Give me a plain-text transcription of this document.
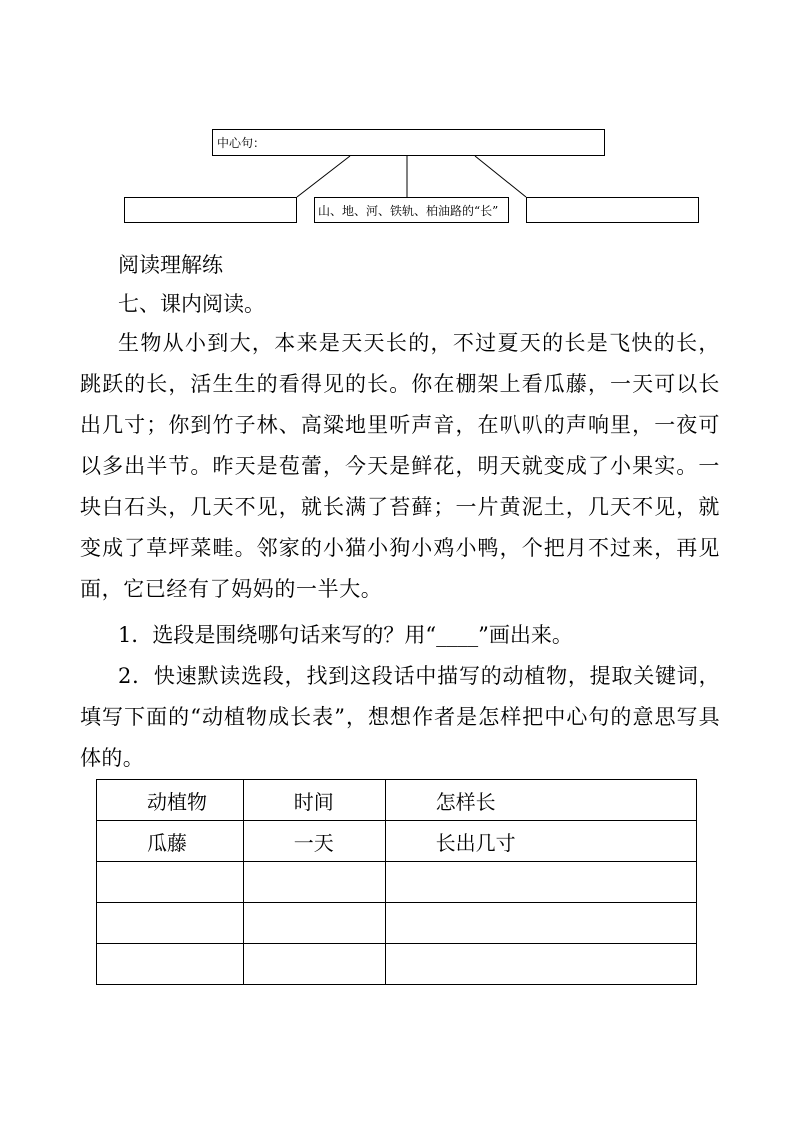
中心句：
山、地、河、铁轨、柏油路的“长”

阅读理解练

七、课内阅读。

生物从小到大，本来是天天长的，不过夏天的长是飞快的长，跳跃的长，活生生的看得见的长。你在棚架上看瓜藤，一天可以长出几寸；你到竹子林、高粱地里听声音，在叭叭的声响里，一夜可以多出半节。昨天是苞蕾，今天是鲜花，明天就变成了小果实。一块白石头，几天不见，就长满了苔藓；一片黄泥土，几天不见，就变成了草坪菜畦。邻家的小猫小狗小鸡小鸭，个把月不过来，再见面，它已经有了妈妈的一半大。

1．选段是围绕哪句话来写的？用“____”画出来。

2．快速默读选段，找到这段话中描写的动植物，提取关键词，填写下面的“动植物成长表”，想想作者是怎样把中心句的意思写具体的。

动植物	时间	怎样长
瓜藤	一天	长出几寸
